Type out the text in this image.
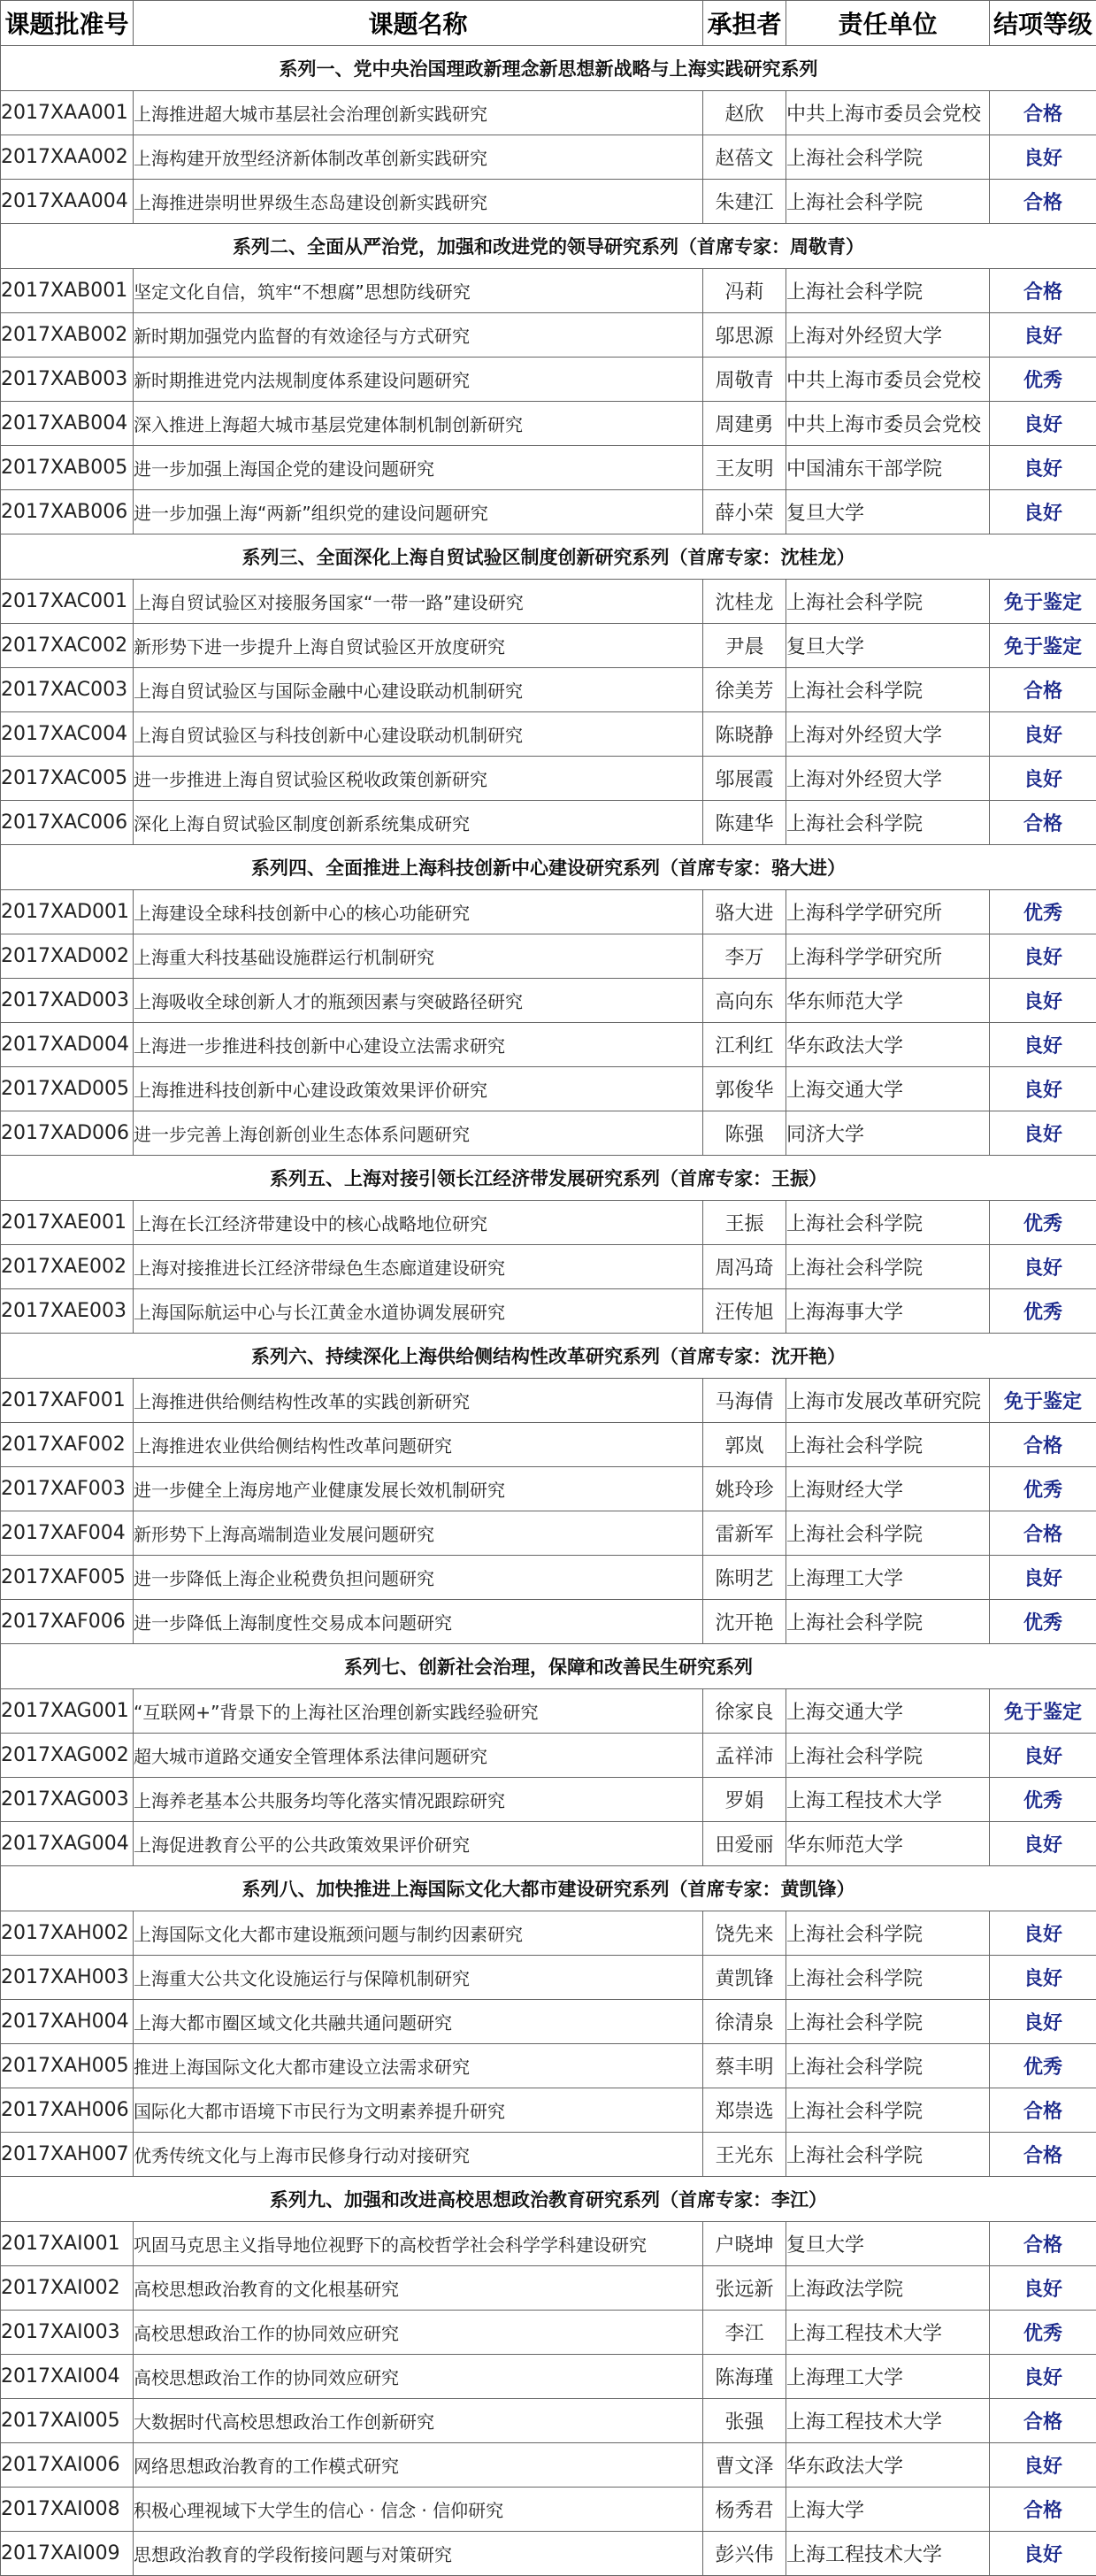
课题批准号	课题名称	承担者	责任单位	结项等级
系列一、党中央治国理政新理念新思想新战略与上海实践研究系列				
2017XAA001	上海推进超大城市基层社会治理创新实践研究	赵欣	中共上海市委员会党校	合格
2017XAA002	上海构建开放型经济新体制改革创新实践研究	赵蓓文	上海社会科学院	良好
2017XAA004	上海推进崇明世界级生态岛建设创新实践研究	朱建江	上海社会科学院	合格
系列二、全面从严治党，加强和改进党的领导研究系列（首席专家：周敬青）				
2017XAB001	坚定文化自信，筑牢“不想腐”思想防线研究	冯莉	上海社会科学院	合格
2017XAB002	新时期加强党内监督的有效途径与方式研究	邬思源	上海对外经贸大学	良好
2017XAB003	新时期推进党内法规制度体系建设问题研究	周敬青	中共上海市委员会党校	优秀
2017XAB004	深入推进上海超大城市基层党建体制机制创新研究	周建勇	中共上海市委员会党校	良好
2017XAB005	进一步加强上海国企党的建设问题研究	王友明	中国浦东干部学院	良好
2017XAB006	进一步加强上海“两新”组织党的建设问题研究	薛小荣	复旦大学	良好
系列三、全面深化上海自贸试验区制度创新研究系列（首席专家：沈桂龙）				
2017XAC001	上海自贸试验区对接服务国家“一带一路”建设研究	沈桂龙	上海社会科学院	免于鉴定
2017XAC002	新形势下进一步提升上海自贸试验区开放度研究	尹晨	复旦大学	免于鉴定
2017XAC003	上海自贸试验区与国际金融中心建设联动机制研究	徐美芳	上海社会科学院	合格
2017XAC004	上海自贸试验区与科技创新中心建设联动机制研究	陈晓静	上海对外经贸大学	良好
2017XAC005	进一步推进上海自贸试验区税收政策创新研究	邬展霞	上海对外经贸大学	良好
2017XAC006	深化上海自贸试验区制度创新系统集成研究	陈建华	上海社会科学院	合格
系列四、全面推进上海科技创新中心建设研究系列（首席专家：骆大进）				
2017XAD001	上海建设全球科技创新中心的核心功能研究	骆大进	上海科学学研究所	优秀
2017XAD002	上海重大科技基础设施群运行机制研究	李万	上海科学学研究所	良好
2017XAD003	上海吸收全球创新人才的瓶颈因素与突破路径研究	高向东	华东师范大学	良好
2017XAD004	上海进一步推进科技创新中心建设立法需求研究	江利红	华东政法大学	良好
2017XAD005	上海推进科技创新中心建设政策效果评价研究	郭俊华	上海交通大学	良好
2017XAD006	进一步完善上海创新创业生态体系问题研究	陈强	同济大学	良好
系列五、上海对接引领长江经济带发展研究系列（首席专家：王振）				
2017XAE001	上海在长江经济带建设中的核心战略地位研究	王振	上海社会科学院	优秀
2017XAE002	上海对接推进长江经济带绿色生态廊道建设研究	周冯琦	上海社会科学院	良好
2017XAE003	上海国际航运中心与长江黄金水道协调发展研究	汪传旭	上海海事大学	优秀
系列六、持续深化上海供给侧结构性改革研究系列（首席专家：沈开艳）				
2017XAF001	上海推进供给侧结构性改革的实践创新研究	马海倩	上海市发展改革研究院	免于鉴定
2017XAF002	上海推进农业供给侧结构性改革问题研究	郭岚	上海社会科学院	合格
2017XAF003	进一步健全上海房地产业健康发展长效机制研究	姚玲珍	上海财经大学	优秀
2017XAF004	新形势下上海高端制造业发展问题研究	雷新军	上海社会科学院	合格
2017XAF005	进一步降低上海企业税费负担问题研究	陈明艺	上海理工大学	良好
2017XAF006	进一步降低上海制度性交易成本问题研究	沈开艳	上海社会科学院	优秀
系列七、创新社会治理，保障和改善民生研究系列				
2017XAG001	“互联网+”背景下的上海社区治理创新实践经验研究	徐家良	上海交通大学	免于鉴定
2017XAG002	超大城市道路交通安全管理体系法律问题研究	孟祥沛	上海社会科学院	良好
2017XAG003	上海养老基本公共服务均等化落实情况跟踪研究	罗娟	上海工程技术大学	优秀
2017XAG004	上海促进教育公平的公共政策效果评价研究	田爱丽	华东师范大学	良好
系列八、加快推进上海国际文化大都市建设研究系列（首席专家：黄凯锋）				
2017XAH002	上海国际文化大都市建设瓶颈问题与制约因素研究	饶先来	上海社会科学院	良好
2017XAH003	上海重大公共文化设施运行与保障机制研究	黄凯锋	上海社会科学院	良好
2017XAH004	上海大都市圈区域文化共融共通问题研究	徐清泉	上海社会科学院	良好
2017XAH005	推进上海国际文化大都市建设立法需求研究	蔡丰明	上海社会科学院	优秀
2017XAH006	国际化大都市语境下市民行为文明素养提升研究	郑崇选	上海社会科学院	合格
2017XAH007	优秀传统文化与上海市民修身行动对接研究	王光东	上海社会科学院	合格
系列九、加强和改进高校思想政治教育研究系列（首席专家：李江）				
2017XAI001	巩固马克思主义指导地位视野下的高校哲学社会科学学科建设研究	户晓坤	复旦大学	合格
2017XAI002	高校思想政治教育的文化根基研究	张远新	上海政法学院	良好
2017XAI003	高校思想政治工作的协同效应研究	李江	上海工程技术大学	优秀
2017XAI004	高校思想政治工作的协同效应研究	陈海瑾	上海理工大学	良好
2017XAI005	大数据时代高校思想政治工作创新研究	张强	上海工程技术大学	合格
2017XAI006	网络思想政治教育的工作模式研究	曹文泽	华东政法大学	良好
2017XAI008	积极心理视域下大学生的信心 · 信念 · 信仰研究	杨秀君	上海大学	合格
2017XAI009	思想政治教育的学段衔接问题与对策研究	彭兴伟	上海工程技术大学	良好
